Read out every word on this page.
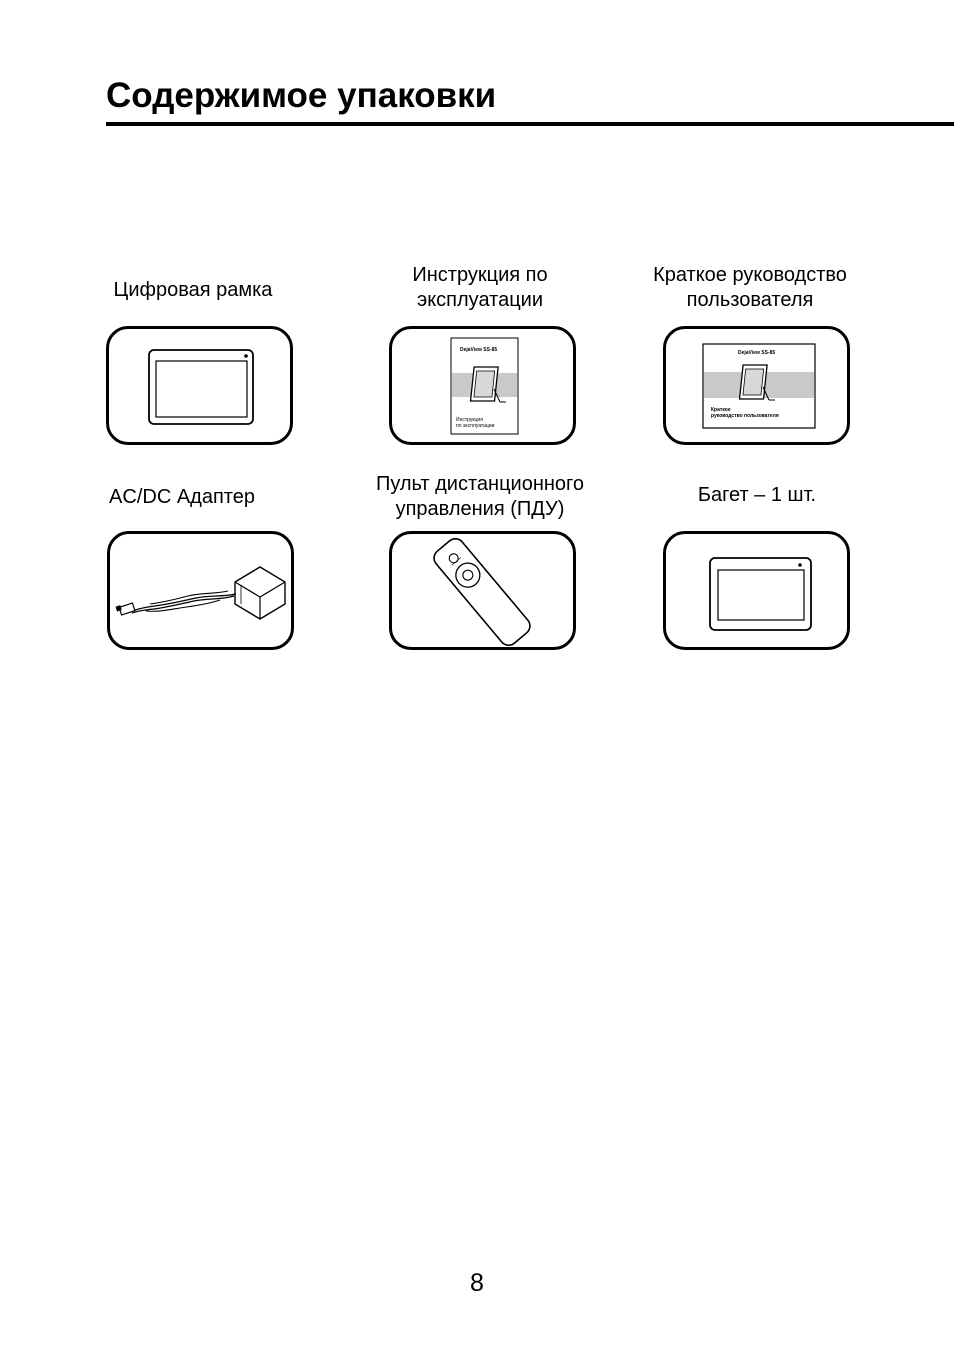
Содержимое упаковки
Цифровая рамка
Инструкция по
эксплуатации
Краткое руководство
пользователя
DejaView SS-85
Инструкция
по эксплуатации
DejaView SS-85
Краткое
руководство пользователя
AC/DC Адаптер
Пульт дистанционного
управления (ПДУ)
Багет – 1 шт.
8
